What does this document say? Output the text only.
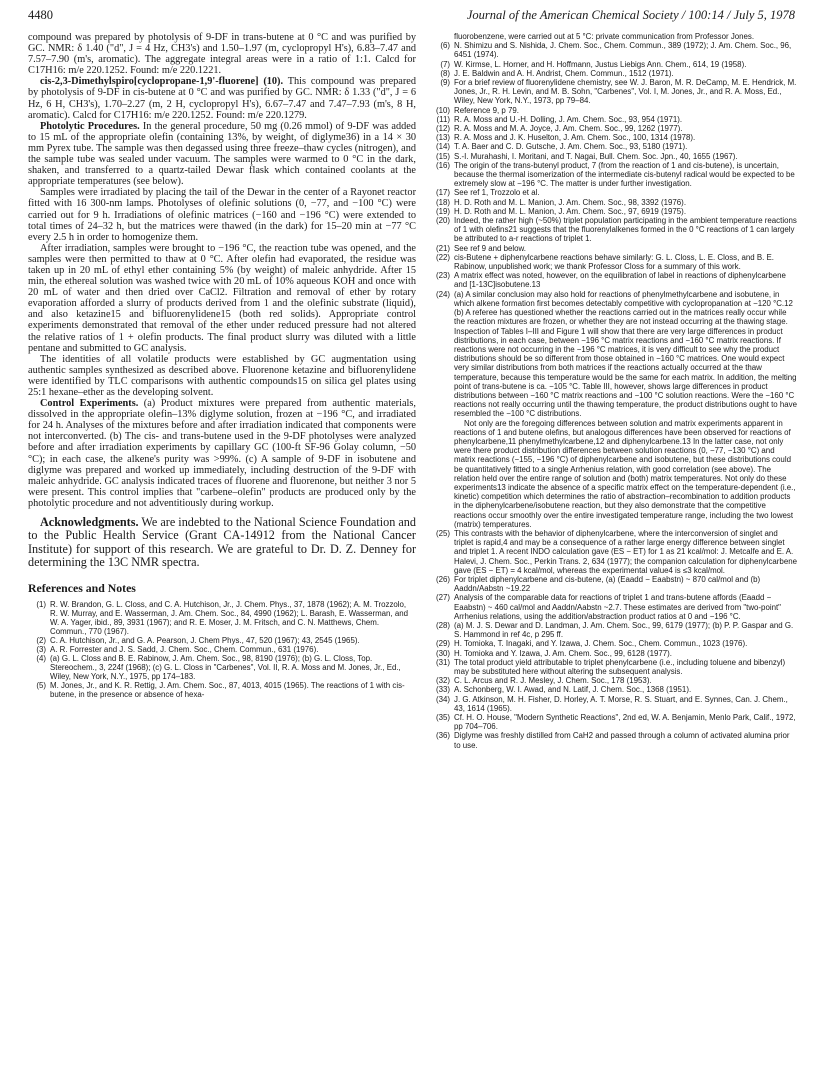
4480	Journal of the American Chemical Society / 100:14 / July 5, 1978

compound was prepared by photolysis of 9-DF in trans-butene at 0 °C and was purified by GC. NMR: δ 1.40 ("d", J = 4 Hz, CH3's) and 1.50–1.97 (m, cyclopropyl H's), 6.83–7.47 and 7.57–7.90 (m's, aromatic). The aggregate integral areas were in a ratio of 1:1. Calcd for C17H16: m/e 220.1252. Found: m/e 220.1221.

cis-2,3-Dimethylspiro[cyclopropane-1,9'-fluorene] (10). This compound was prepared by photolysis of 9-DF in cis-butene at 0 °C and was purified by GC. NMR: δ 1.33 ("d", J = 6 Hz, 6 H, CH3's), 1.70–2.27 (m, 2 H, cyclopropyl H's), 6.67–7.47 and 7.47–7.93 (m's, 8 H, aromatic). Calcd for C17H16: m/e 220.1252. Found: m/e 220.1279.

Photolytic Procedures. In the general procedure, 50 mg (0.26 mmol) of 9-DF was added to 15 mL of the appropriate olefin (containing 13%, by weight, of diglyme36) in a 14 × 30 mm Pyrex tube. The sample was then degassed using three freeze–thaw cycles (nitrogen), and the sample tube was sealed under vacuum. The samples were warmed to 0 °C in the dark, shaken, and transferred to a quartz-tailed Dewar flask which contained coolants at the appropriate temperatures (see below).

Samples were irradiated by placing the tail of the Dewar in the center of a Rayonet reactor fitted with 16 300-nm lamps. Photolyses of olefinic solutions (0, −77, and −100 °C) were carried out for 9 h. Irradiations of olefinic matrices (−160 and −196 °C) were extended to total times of 24–32 h, but the matrices were thawed (in the dark) for 15–20 min at −77 °C every 2.5 h in order to homogenize them.

After irradiation, samples were brought to −196 °C, the reaction tube was opened, and the samples were then permitted to thaw at 0 °C. After olefin had evaporated, the residue was taken up in 20 mL of ethyl ether containing 5% (by weight) of maleic anhydride. After 15 min, the ethereal solution was washed twice with 20 mL of 10% aqueous KOH and once with 20 mL of water and then dried over CaCl2. Filtration and removal of ether by rotary evaporation afforded a slurry of products derived from 1 and the olefinic substrate (liquid), and also ketazine15 and bifluorenylidene15 (both red solids). Appropriate control experiments demonstrated that removal of the ether under reduced pressure had not altered the relative ratios of 1 + olefin products. The final product slurry was diluted with a little pentane and submitted to GC analysis.

The identities of all volatile products were established by GC augmentation using authentic samples synthesized as described above. Fluorenone ketazine and bifluorenylidene were identified by TLC comparisons with authentic compounds15 on silica gel plates using 25:1 hexane–ether as the developing solvent.

Control Experiments. (a) Product mixtures were prepared from authentic materials, dissolved in the appropriate olefin–13% diglyme solution, frozen at −196 °C, and irradiated for 24 h. Analyses of the mixtures before and after irradiation indicated that components were not interconverted. (b) The cis- and trans-butene used in the 9-DF photolyses were analyzed before and after irradiation experiments by capillary GC (100-ft SF-96 Golay column, −50 °C); in each case, the alkene's purity was >99%. (c) A sample of 9-DF in isobutene and diglyme was prepared and worked up immediately, including destruction of the 9-DF with maleic anhydride. GC analysis indicated traces of fluorene and fluorenone, but neither 3 nor 5 were present. This control implies that "carbene–olefin" products are produced only by the photolytic procedure and not adventitiously during workup.

Acknowledgments. We are indebted to the National Science Foundation and to the Public Health Service (Grant CA-14912 from the National Cancer Institute) for support of this research. We are grateful to Dr. D. Z. Denney for determining the 13C NMR spectra.

References and Notes
(1) R. W. Brandon, G. L. Closs, and C. A. Hutchison, Jr., J. Chem. Phys., 37, 1878 (1962); A. M. Trozzolo, R. W. Murray, and E. Wasserman, J. Am. Chem. Soc., 84, 4990 (1962); L. Barash, E. Wasserman, and W. A. Yager, ibid., 89, 3931 (1967); and R. E. Moser, J. M. Fritsch, and C. N. Matthews, Chem. Commun., 770 (1967).
(2) C. A. Hutchison, Jr., and G. A. Pearson, J. Chem Phys., 47, 520 (1967); 43, 2545 (1965).
(3) A. R. Forrester and J. S. Sadd, J. Chem. Soc., Chem. Commun., 631 (1976).
(4) (a) G. L. Closs and B. E. Rabinow, J. Am. Chem. Soc., 98, 8190 (1976); (b) G. L. Closs, Top. Stereochem., 3, 224f (1968); (c) G. L. Closs in "Carbenes", Vol. II, R. A. Moss and M. Jones, Jr., Ed., Wiley, New York, N.Y., 1975, pp 174–183.
(5) M. Jones, Jr., and K. R. Rettig, J. Am. Chem. Soc., 87, 4013, 4015 (1965). The reactions of 1 with cis-butene, in the presence or absence of hexa-
fluorobenzene, were carried out at 5 °C: private communication from Professor Jones.
(6) N. Shimizu and S. Nishida, J. Chem. Soc., Chem. Commun., 389 (1972); J. Am. Chem. Soc., 96, 6451 (1974).
(7) W. Kirmse, L. Horner, and H. Hoffmann, Justus Liebigs Ann. Chem., 614, 19 (1958).
(8) J. E. Baldwin and A. H. Andrist, Chem. Commun., 1512 (1971).
(9) For a brief review of fluorenylidene chemistry, see W. J. Baron, M. R. DeCamp, M. E. Hendrick, M. Jones, Jr., R. H. Levin, and M. B. Sohn, "Carbenes", Vol. I, M. Jones, Jr., and R. A. Moss, Ed., Wiley, New York, N.Y., 1973, pp 79–84.
(10) Reference 9, p 79.
(11) R. A. Moss and U.-H. Dolling, J. Am. Chem. Soc., 93, 954 (1971).
(12) R. A. Moss and M. A. Joyce, J. Am. Chem. Soc., 99, 1262 (1977).
(13) R. A. Moss and J. K. Huselton, J. Am. Chem. Soc., 100, 1314 (1978).
(14) T. A. Baer and C. D. Gutsche, J. Am. Chem. Soc., 93, 5180 (1971).
(15) S.-I. Murahashi, I. Moritani, and T. Nagai, Bull. Chem. Soc. Jpn., 40, 1655 (1967).
(16) The origin of the trans-butenyl product, 7 (from the reaction of 1 and cis-butene), is uncertain, because the thermal isomerization of the intermediate cis-butenyl radical would be expected to be extremely slow at −196 °C. The matter is under further investigation.
(17) See ref 1, Trozzolo et al.
(18) H. D. Roth and M. L. Manion, J. Am. Chem. Soc., 98, 3392 (1976).
(19) H. D. Roth and M. L. Manion, J. Am. Chem. Soc., 97, 6919 (1975).
(20) Indeed, the rather high (~50%) triplet population participating in the ambient temperature reactions of 1 with olefins21 suggests that the fluorenylalkenes formed in the 0 °C reactions of 1 can largely be attributed to a-r reactions of triplet 1.
(21) See ref 9 and below.
(22) cis-Butene + diphenylcarbene reactions behave similarly: G. L. Closs, L. E. Closs, and B. E. Rabinow, unpublished work; we thank Professor Closs for a summary of this work.
(23) A matrix effect was noted, however, on the equilibration of label in reactions of diphenylcarbene and [1-13C]isobutene.13
(24) (a) A similar conclusion may also hold for reactions of phenylmethylcarbene and isobutene, in which alkene formation first becomes detectably competitive with cyclopropanation at −120 °C.12 (b) A referee has questioned whether the reactions carried out in the matrices really occur while the reaction mixtures are frozen, or whether they are not instead occurring at the thawing stage. Inspection of Tables I–III and Figure 1 will show that there are very large differences in product distributions, in each case, between −196 °C matrix reactions and −160 °C matrix reactions. If reactions were not occurring in the −196 °C matrices, it is very difficult to see why the product distributions should be so different from those obtained in −160 °C matrices. One would expect very similar distributions from both matrices if the reactions actually occurred at the thaw temperature, because this temperature would be the same for each matrix. In addition, the melting point of trans-butene is ca. −105 °C. Table III, however, shows large differences in product distributions between −160 °C matrix reactions and −100 °C solution reactions. Were the −160 °C reactions not really occurring until the thawing temperature, the product distributions ought to have resembled the −100 °C distributions.
Not only are the foregoing differences between solution and matrix experiments apparent in reactions of 1 and butene olefins, but analogous differences have been observed for reactions of phenylcarbene,11 phenylmethylcarbene,12 and diphenylcarbene.13 In the latter case, not only were there product distribution differences between solution reactions (0, −77, −130 °C) and matrix reactions (−155, −196 °C) of diphenylcarbene and isobutene, but these distributions could be quantitatively fitted to a single Arrhenius relation, with good correlation (see above). The relation held over the entire range of solution and (both) matrix temperatures. Not only do these experiments13 indicate the absence of a specific matrix effect on the temperature-dependent (i.e., kinetic) competition which determines the ratio of abstraction–recombination to addition products in the diphenylcarbene/isobutene reaction, but they also demonstrate that the competitive reactions occur smoothly over the entire investigated temperature range, including the two lowest (matrix) temperatures.
(25) This contrasts with the behavior of diphenylcarbene, where the interconversion of singlet and triplet is rapid,4 and may be a consequence of a rather large energy difference between singlet and triplet 1. A recent INDO calculation gave (ES − ET) for 1 as 21 kcal/mol: J. Metcalfe and E. A. Halevi, J. Chem. Soc., Perkin Trans. 2, 634 (1977); the companion calculation for diphenylcarbene gave (ES − ET) = 4 kcal/mol, whereas the experimental value4 is ≤3 kcal/mol.
(26) For triplet diphenylcarbene and cis-butene, (a) (Eaadd − Eaabstn) ~ 870 cal/mol and (b) Aaddn/Aabstn ~19.22
(27) Analysis of the comparable data for reactions of triplet 1 and trans-butene affords (Eaadd − Eaabstn) ~ 460 cal/mol and Aaddn/Aabstn ~2.7. These estimates are derived from "two-point" Arrhenius relations, using the addition/abstraction product ratios at 0 and −196 °C.
(28) (a) M. J. S. Dewar and D. Landman, J. Am. Chem. Soc., 99, 6179 (1977); (b) P. P. Gaspar and G. S. Hammond in ref 4c, p 295 ff.
(29) H. Tomioka, T. Inagaki, and Y. Izawa, J. Chem. Soc., Chem. Commun., 1023 (1976).
(30) H. Tomioka and Y. Izawa, J. Am. Chem. Soc., 99, 6128 (1977).
(31) The total product yield attributable to triplet phenylcarbene (i.e., including toluene and bibenzyl) may be substituted here without altering the subsequent analysis.
(32) C. L. Arcus and R. J. Mesley, J. Chem. Soc., 178 (1953).
(33) A. Schonberg, W. I. Awad, and N. Latif, J. Chem. Soc., 1368 (1951).
(34) J. G. Atkinson, M. H. Fisher, D. Horley, A. T. Morse, R. S. Stuart, and E. Synnes, Can. J. Chem., 43, 1614 (1965).
(35) Cf. H. O. House, "Modern Synthetic Reactions", 2nd ed, W. A. Benjamin, Menlo Park, Calif., 1972, pp 704–706.
(36) Diglyme was freshly distilled from CaH2 and passed through a column of activated alumina prior to use.
